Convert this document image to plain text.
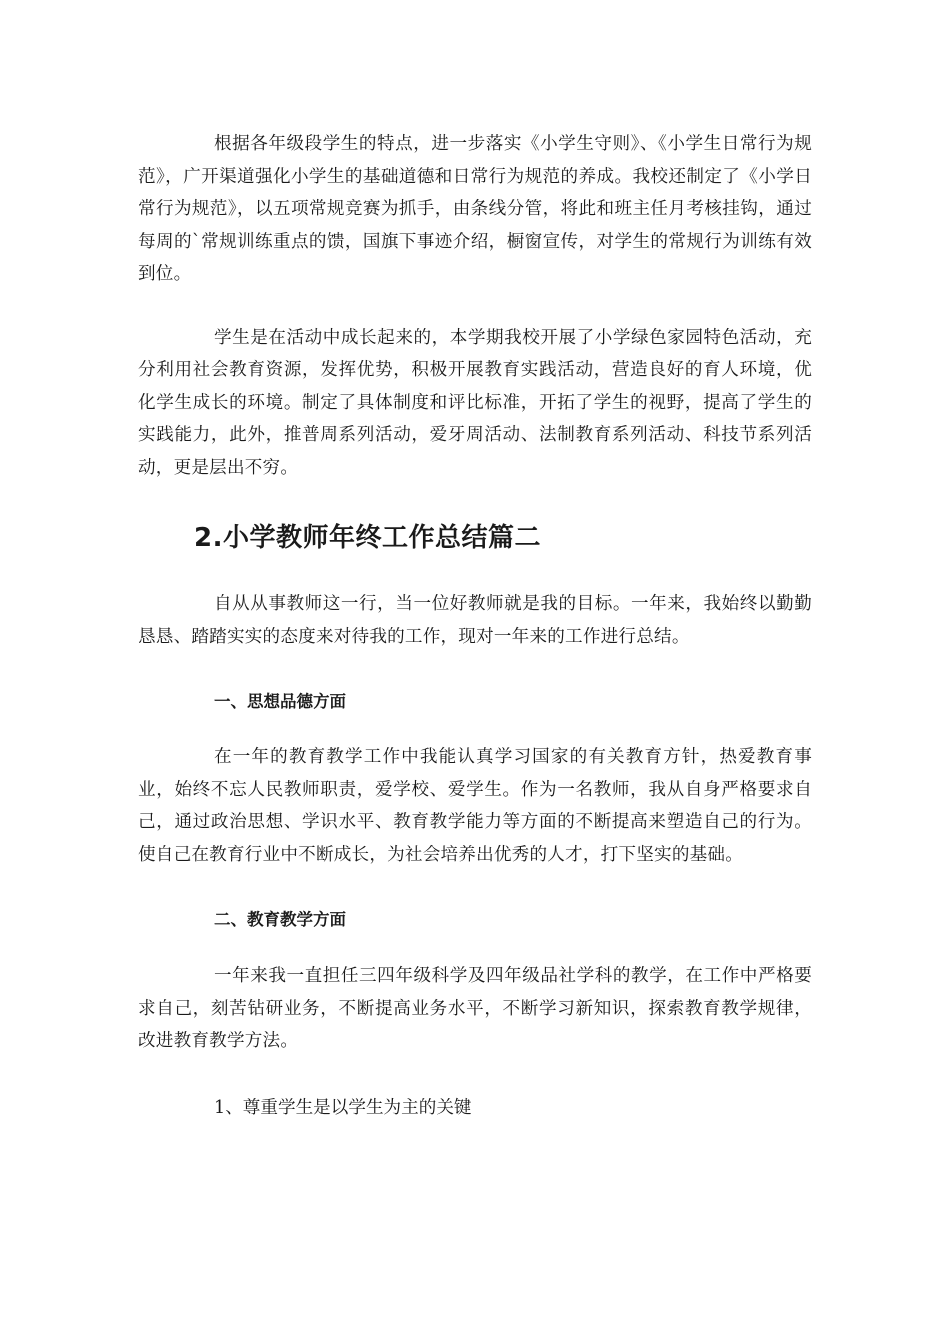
根据各年级段学生的特点，进一步落实《小学生守则》、《小学生日常行为规范》，广开渠道强化小学生的基础道德和日常行为规范的养成。我校还制定了《小学日常行为规范》，以五项常规竞赛为抓手，由条线分管，将此和班主任月考核挂钩，通过每周的`常规训练重点的馈，国旗下事迹介绍，橱窗宣传，对学生的常规行为训练有效到位。

学生是在活动中成长起来的，本学期我校开展了小学绿色家园特色活动，充分利用社会教育资源，发挥优势，积极开展教育实践活动，营造良好的育人环境，优化学生成长的环境。制定了具体制度和评比标准，开拓了学生的视野，提高了学生的实践能力，此外，推普周系列活动，爱牙周活动、法制教育系列活动、科技节系列活动，更是层出不穷。

2.小学教师年终工作总结篇二

自从从事教师这一行，当一位好教师就是我的目标。一年来，我始终以勤勤恳恳、踏踏实实的态度来对待我的工作，现对一年来的工作进行总结。

一、思想品德方面

在一年的教育教学工作中我能认真学习国家的有关教育方针，热爱教育事业，始终不忘人民教师职责，爱学校、爱学生。作为一名教师，我从自身严格要求自己，通过政治思想、学识水平、教育教学能力等方面的不断提高来塑造自己的行为。使自己在教育行业中不断成长，为社会培养出优秀的人才，打下坚实的基础。

二、教育教学方面

一年来我一直担任三四年级科学及四年级品社学科的教学，在工作中严格要求自己，刻苦钻研业务，不断提高业务水平，不断学习新知识，探索教育教学规律，改进教育教学方法。

1、尊重学生是以学生为主的关键
